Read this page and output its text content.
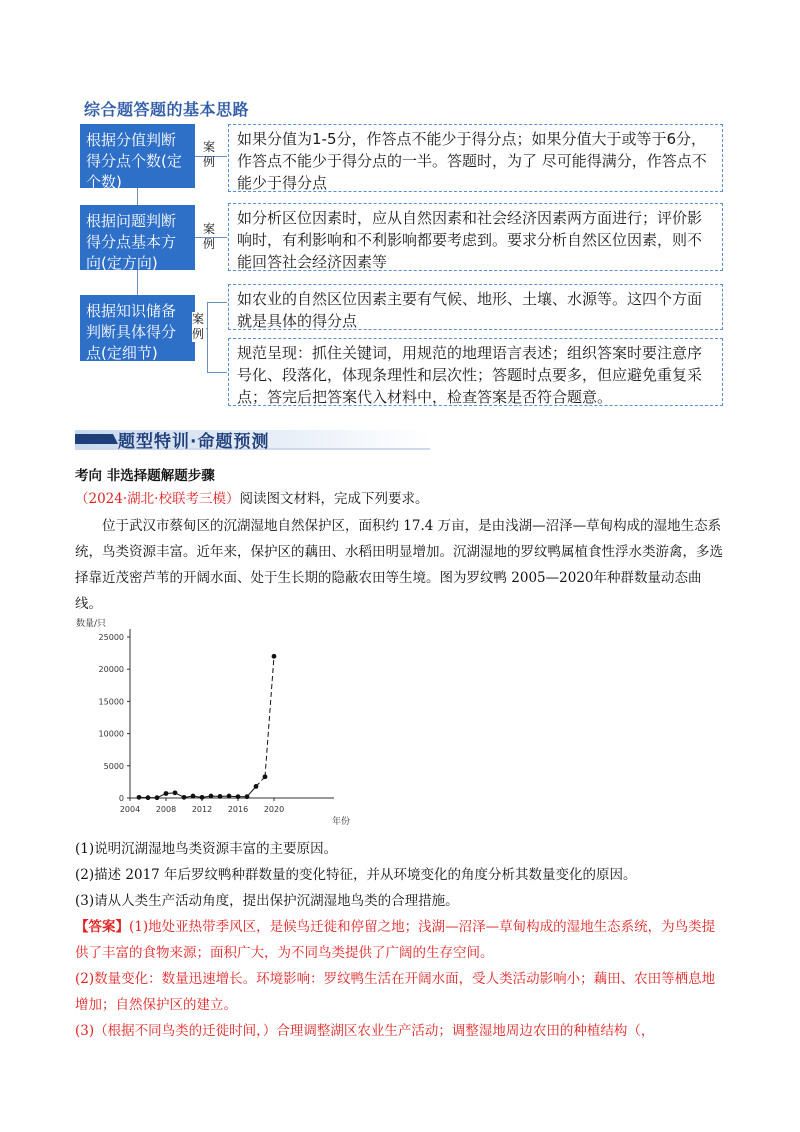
综合题答题的基本思路
根据分值判断得分点个数(定个数)
案例
如果分值为1-5分，作答点不能少于得分点；如果分值大于或等于6分，作答点不能少于得分点的一半。答题时，为了 尽可能得满分，作答点不能少于得分点
根据问题判断得分点基本方向(定方向)
案例
如分析区位因素时，应从自然因素和社会经济因素两方面进行；评价影响时，有利影响和不利影响都要考虑到。要求分析自然区位因素，则不能回答社会经济因素等
根据知识储备判断具体得分点(定细节)
案例
如农业的自然区位因素主要有气候、地形、土壤、水源等。这四个方面就是具体的得分点
规范呈现：抓住关键词，用规范的地理语言表述；组织答案时要注意序号化、段落化，体现条理性和层次性；答题时点要多，但应避免重复采点；答完后把答案代入材料中，检查答案是否符合题意。
题型特训·命题预测
考向 非选择题解题步骤
（2024·湖北·校联考三模）阅读图文材料，完成下列要求。
位于武汉市蔡甸区的沉湖湿地自然保护区，面积约 17.4 万亩，是由浅湖—沼泽—草甸构成的湿地生态系统，鸟类资源丰富。近年来，保护区的藕田、水稻田明显增加。沉湖湿地的罗纹鸭属植食性浮水类游禽，多选择靠近茂密芦苇的开阔水面、处于生长期的隐蔽农田等生境。图为罗纹鸭 2005—2020年种群数量动态曲线。
数量/只
年份
0
5000
10000
15000
20000
25000
2004 2008 2012 2016 2020
(1)说明沉湖湿地鸟类资源丰富的主要原因。
(2)描述 2017 年后罗纹鸭种群数量的变化特征，并从环境变化的角度分析其数量变化的原因。
(3)请从人类生产活动角度，提出保护沉湖湿地鸟类的合理措施。
【答案】(1)地处亚热带季风区，是候鸟迁徙和停留之地；浅湖—沼泽—草甸构成的湿地生态系统，为鸟类提供了丰富的食物来源；面积广大，为不同鸟类提供了广阔的生存空间。
(2)数量变化：数量迅速增长。环境影响：罗纹鸭生活在开阔水面，受人类活动影响小；藕田、农田等栖息地增加；自然保护区的建立。
(3)（根据不同鸟类的迁徙时间，）合理调整湖区农业生产活动；调整湿地周边农田的种植结构（，
